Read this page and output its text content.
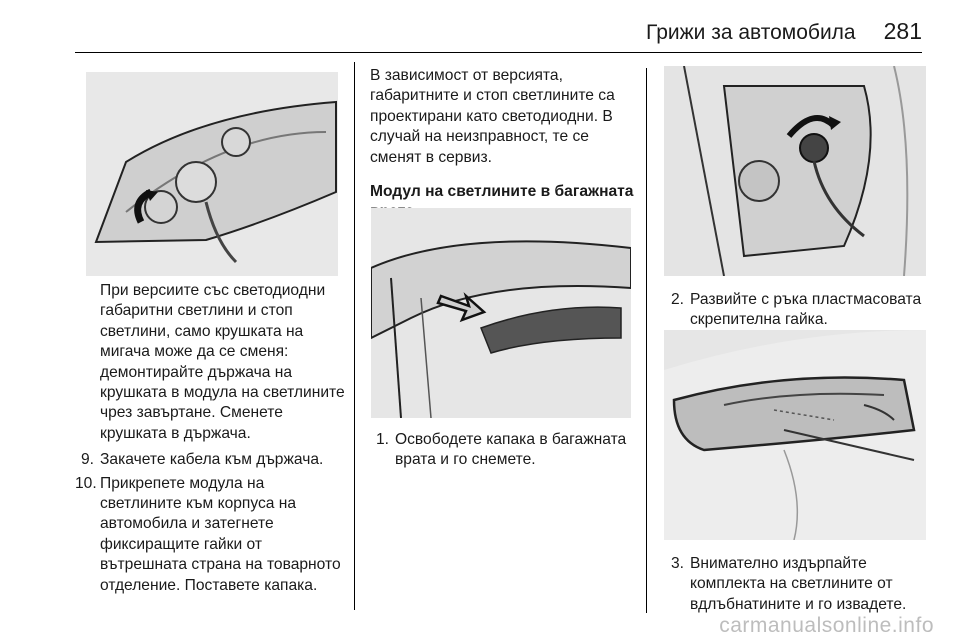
Грижи за автомобила 281

При версиите със светодиодни габаритни светлини и стоп светлини, само крушката на мигача може да се сменя: демонтирайте държача на крушката в модула на светлините чрез завъртане. Сменете крушката в държача.

9. Закачете кабела към държача.
10. Прикрепете модула на светлините към корпуса на автомобила и затегнете фиксиращите гайки от вътрешната страна на товарното отделение. Поставете капака.

В зависимост от версията, габаритните и стоп светлините са проектирани като светодиодни. В случай на неизправност, те се сменят в сервиз.

Модул на светлините в багажната

1. Освободете капака в багажната врата и го снемете.
2. Развийте с ръка пластмасовата скрепителна гайка.
3. Внимателно издърпайте комплекта на светлините от вдлъбнатините и го извадете.
carmanualsonline.info
